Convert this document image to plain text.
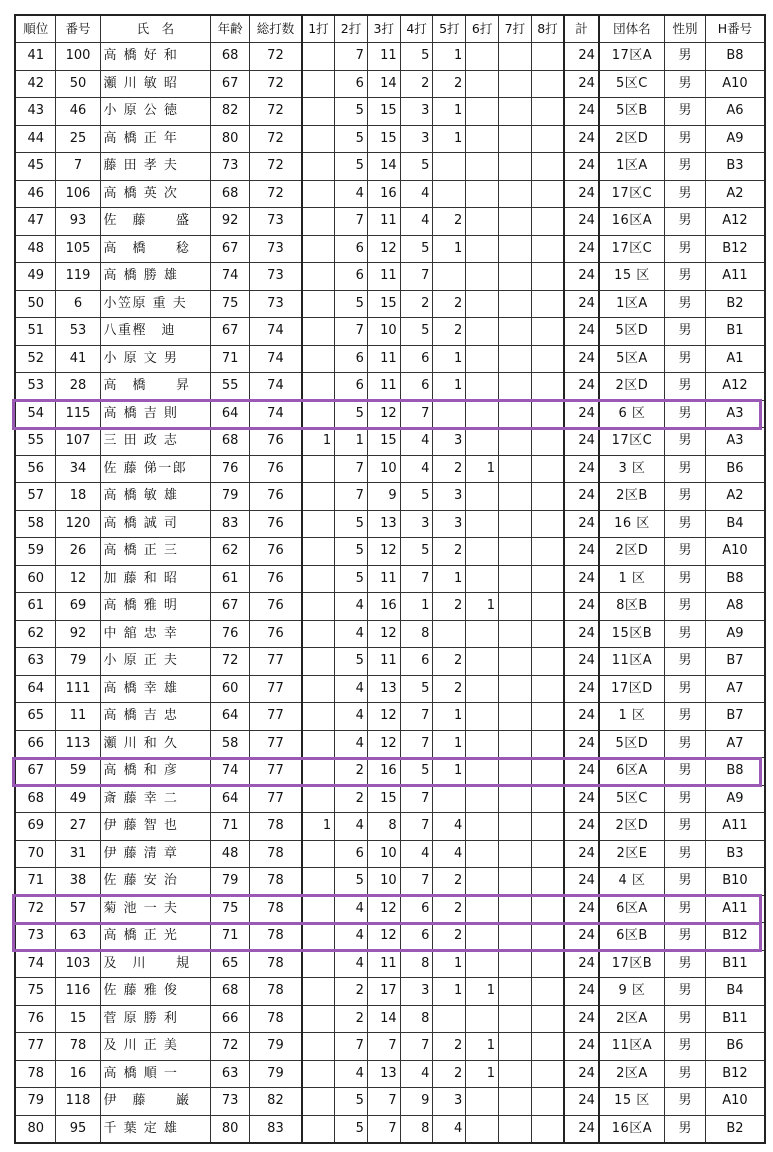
順位	番号	氏　名	年齢	総打数	1打	2打	3打	4打	5打	6打	7打	8打	計	団体名	性別	H番号
41	100	高 橋 好 和	68	72		7	11	5	1				24	17区A	男	B8
42	50	瀬 川 敏 昭	67	72		6	14	2	2				24	5区C	男	A10
43	46	小 原 公 徳	82	72		5	15	3	1				24	5区B	男	A6
44	25	高 橋 正 年	80	72		5	15	3	1				24	2区D	男	A9
45	7	藤 田 孝 夫	73	72		5	14	5					24	1区A	男	B3
46	106	高 橋 英 次	68	72		4	16	4					24	17区C	男	A2
47	93	佐　藤　　盛	92	73		7	11	4	2				24	16区A	男	A12
48	105	高　橋　　稔	67	73		6	12	5	1				24	17区C	男	B12
49	119	高 橋 勝 雄	74	73		6	11	7					24	15 区	男	A11
50	6	小笠原 重 夫	75	73		5	15	2	2				24	1区A	男	B2
51	53	八重樫　迪	67	74		7	10	5	2				24	5区D	男	B1
52	41	小 原 文 男	71	74		6	11	6	1				24	5区A	男	A1
53	28	高　橋　　昇	55	74		6	11	6	1				24	2区D	男	A12
54	115	高 橋 吉 則	64	74		5	12	7					24	6 区	男	A3
55	107	三 田 政 志	68	76	1	1	15	4	3				24	17区C	男	A3
56	34	佐 藤 俤一郎	76	76		7	10	4	2	1			24	3 区	男	B6
57	18	高 橋 敏 雄	79	76		7	9	5	3				24	2区B	男	A2
58	120	高 橋 誠 司	83	76		5	13	3	3				24	16 区	男	B4
59	26	高 橋 正 三	62	76		5	12	5	2				24	2区D	男	A10
60	12	加 藤 和 昭	61	76		5	11	7	1				24	1 区	男	B8
61	69	高 橋 雅 明	67	76		4	16	1	2	1			24	8区B	男	A8
62	92	中 舘 忠 幸	76	76		4	12	8					24	15区B	男	A9
63	79	小 原 正 夫	72	77		5	11	6	2				24	11区A	男	B7
64	111	高 橋 幸 雄	60	77		4	13	5	2				24	17区D	男	A7
65	11	高 橋 吉 忠	64	77		4	12	7	1				24	1 区	男	B7
66	113	瀬 川 和 久	58	77		4	12	7	1				24	5区D	男	A7
67	59	高 橋 和 彦	74	77		2	16	5	1				24	6区A	男	B8
68	49	斎 藤 幸 二	64	77		2	15	7					24	5区C	男	A9
69	27	伊 藤 智 也	71	78	1	4	8	7	4				24	2区D	男	A11
70	31	伊 藤 清 章	48	78		6	10	4	4				24	2区E	男	B3
71	38	佐 藤 安 治	79	78		5	10	7	2				24	4 区	男	B10
72	57	菊 池 一 夫	75	78		4	12	6	2				24	6区A	男	A11
73	63	高 橋 正 光	71	78		4	12	6	2				24	6区B	男	B12
74	103	及　川　　規	65	78		4	11	8	1				24	17区B	男	B11
75	116	佐 藤 雅 俊	68	78		2	17	3	1	1			24	9 区	男	B4
76	15	菅 原 勝 利	66	78		2	14	8					24	2区A	男	B11
77	78	及 川 正 美	72	79		7	7	7	2	1			24	11区A	男	B6
78	16	高 橋 順 一	63	79		4	13	4	2	1			24	2区A	男	B12
79	118	伊　藤　　巌	73	82		5	7	9	3				24	15 区	男	A10
80	95	千 葉 定 雄	80	83		5	7	8	4				24	16区A	男	B2
